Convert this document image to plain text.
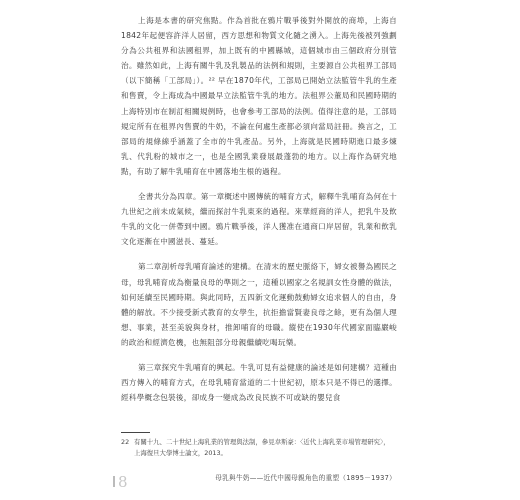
上海是本書的研究焦點。作為首批在鴉片戰爭後對外開放的商埠，上海自1842年起便容許洋人居留，西方思想和物質文化隨之湧入。上海先後被列強劃分為公共租界和法國租界，加上既有的中國縣城，這個城市由三個政府分別管治。雖然如此，上海有關牛乳及乳製品的法例和規則，主要源自公共租界工部局（以下簡稱「工部局」）。²² 早在1870年代，工部局已開始立法監管牛乳的生產和售賣，令上海成為中國最早立法監管牛乳的地方。法租界公董局和民國時期的上海特別市在制訂相關規例時，也會參考工部局的法例。值得注意的是，工部局規定所有在租界內售賣的牛奶，不論在何處生產都必須向當局註冊。換言之，工部局的規條線乎涵蓋了全市的牛乳產品。另外，上海就是民國時期進口最多煉乳、代乳粉的城市之一，也是全國乳業發展最蓬勃的地方。以上海作為研究地點，有助了解牛乳哺育在中國落地生根的過程。

全書共分為四章。第一章概述中國傳統的哺育方式，解釋牛乳哺育為何在十九世紀之前未成氣候，繼而探討牛乳東來的過程。來華經商的洋人，把乳牛及飲牛乳的文化一併帶到中國。鴉片戰爭後，洋人獲准在通商口岸居留，乳業和飲乳文化逐漸在中國滋長、蔓延。

第二章剖析母乳哺育論述的建構。在清末的歷史脈絡下，婦女被譽為國民之母，母乳哺育成為衡量良母的準則之一，這種以國家之名規訓女性身體的做法，如何延續至民國時期。與此同時，五四新文化運動鼓動婦女追求個人的自由，身體的解放。不少接受新式教育的女學生，抗拒擔當賢妻良母之餘，更有為個人理想、事業，甚至美貌與身材，推卸哺育的母職。縱使在1930年代國家面臨嚴峻的政治和經濟危機，也無阻部分母親繼續吃喝玩樂。

第三章探究牛乳哺育的興起。牛乳可見有益健康的論述是如何建構？這種由西方傳入的哺育方式，在母乳哺育當道的二十世紀初，原本只是不得已的選擇。經科學概念包裝後，卻成身一變成為改良民族不可或缺的嬰兒食

22 有關十九、二十世紀上海乳業的管理與法制，參見韋斯豪：〈近代上海乳業市場管理研究〉，上海復旦大學博士論文，2013。
8	母乳與牛奶——近代中國母親角色的重塑（1895－1937）
